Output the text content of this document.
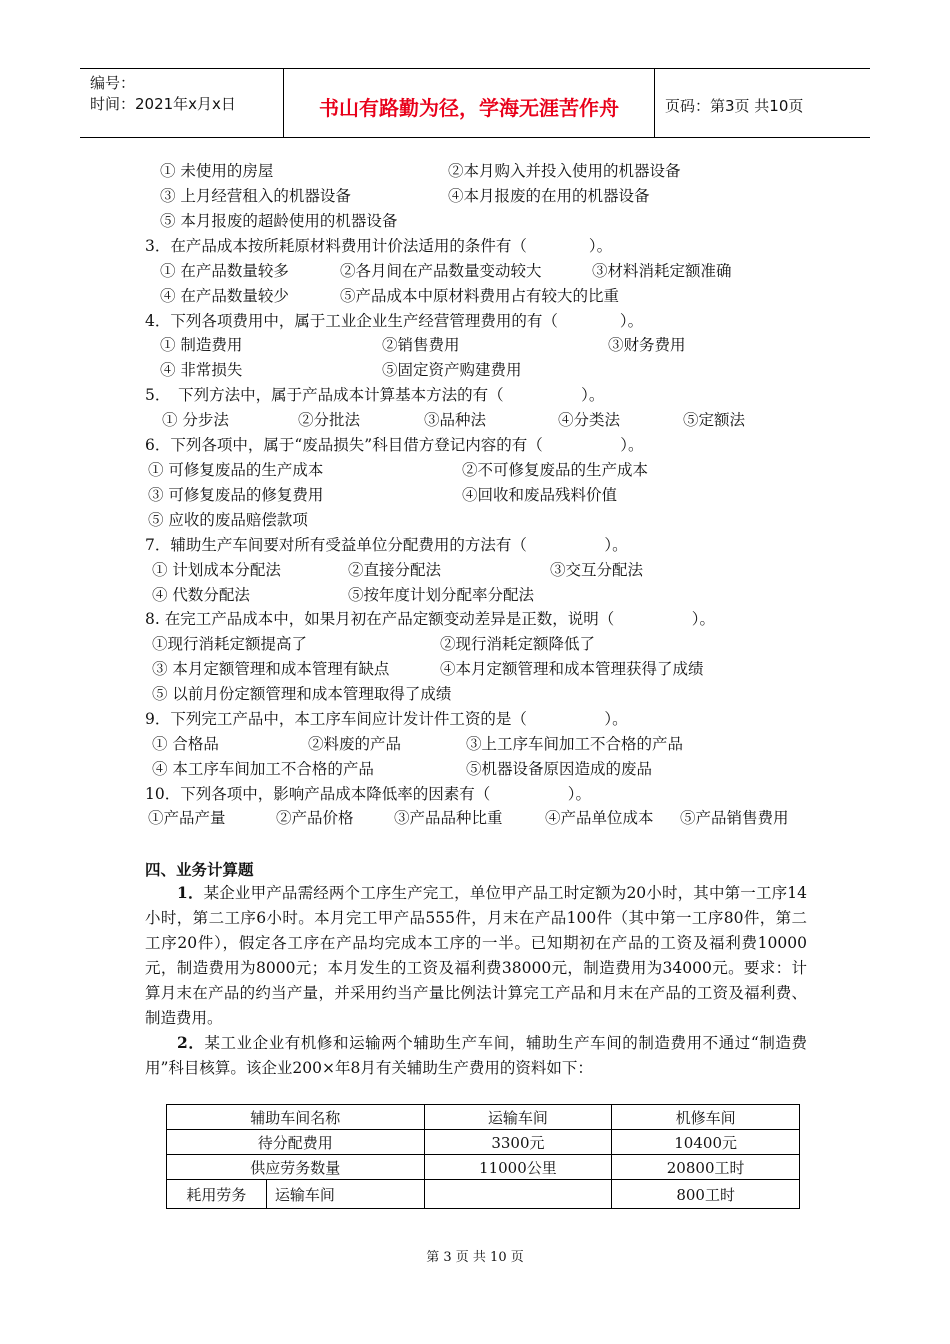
编号：
时间：2021年x月x日	书山有路勤为径，学海无涯苦作舟	页码：第3页 共10页
① 未使用的房屋	②本月购入并投入使用的机器设备
③ 上月经营租入的机器设备	④本月报废的在用的机器设备
⑤ 本月报废的超龄使用的机器设备
3．在产品成本按所耗原材料费用计价法适用的条件有（　　　　）。
① 在产品数量较多	②各月间在产品数量变动较大	③材料消耗定额准确
④ 在产品数量较少	⑤产品成本中原材料费用占有较大的比重
4．下列各项费用中，属于工业企业生产经营管理费用的有（　　　　）。
① 制造费用	②销售费用	③财务费用
④ 非常损失	⑤固定资产购建费用
5．　下列方法中，属于产品成本计算基本方法的有（　　　　　）。
① 分步法	②分批法	③品种法	④分类法	⑤定额法
6．下列各项中，属于“废品损失”科目借方登记内容的有（　　　　　）。
① 可修复废品的生产成本	②不可修复废品的生产成本
③ 可修复废品的修复费用	④回收和废品残料价值
⑤ 应收的废品赔偿款项
7．辅助生产车间要对所有受益单位分配费用的方法有（　　　　　）。
① 计划成本分配法	②直接分配法	③交互分配法
④ 代数分配法	⑤按年度计划分配率分配法
8. 在完工产品成本中，如果月初在产品定额变动差异是正数，说明（　　　　　）。
①现行消耗定额提高了	②现行消耗定额降低了
③ 本月定额管理和成本管理有缺点	④本月定额管理和成本管理获得了成绩
⑤ 以前月份定额管理和成本管理取得了成绩
9．下列完工产品中，本工序车间应计发计件工资的是（　　　　　）。
① 合格品	②料废的产品	③上工序车间加工不合格的产品
④ 本工序车间加工不合格的产品	⑤机器设备原因造成的废品
10．下列各项中，影响产品成本降低率的因素有（　　　　　）。
①产品产量	②产品价格	③产品品种比重	④产品单位成本 ⑤产品销售费用
四、业务计算题
1．某企业甲产品需经两个工序生产完工，单位甲产品工时定额为20小时，其中第一工序14小时，第二工序6小时。本月完工甲产品555件，月末在产品100件（其中第一工序80件，第二工序20件），假定各工序在产品均完成本工序的一半。已知期初在产品的工资及福利费10000元，制造费用为8000元；本月发生的工资及福利费38000元，制造费用为34000元。要求：计算月末在产品的约当产量，并采用约当产量比例法计算完工产品和月末在产品的工资及福利费、制造费用。
2．某工业企业有机修和运输两个辅助生产车间，辅助生产车间的制造费用不通过“制造费用”科目核算。该企业200×年8月有关辅助生产费用的资料如下：
辅助车间名称		运输车间	机修车间
待分配费用		3300元	10400元
供应劳务数量		11000公里	20800工时
耗用劳务	运输车间		800工时
第 3 页 共 10 页
